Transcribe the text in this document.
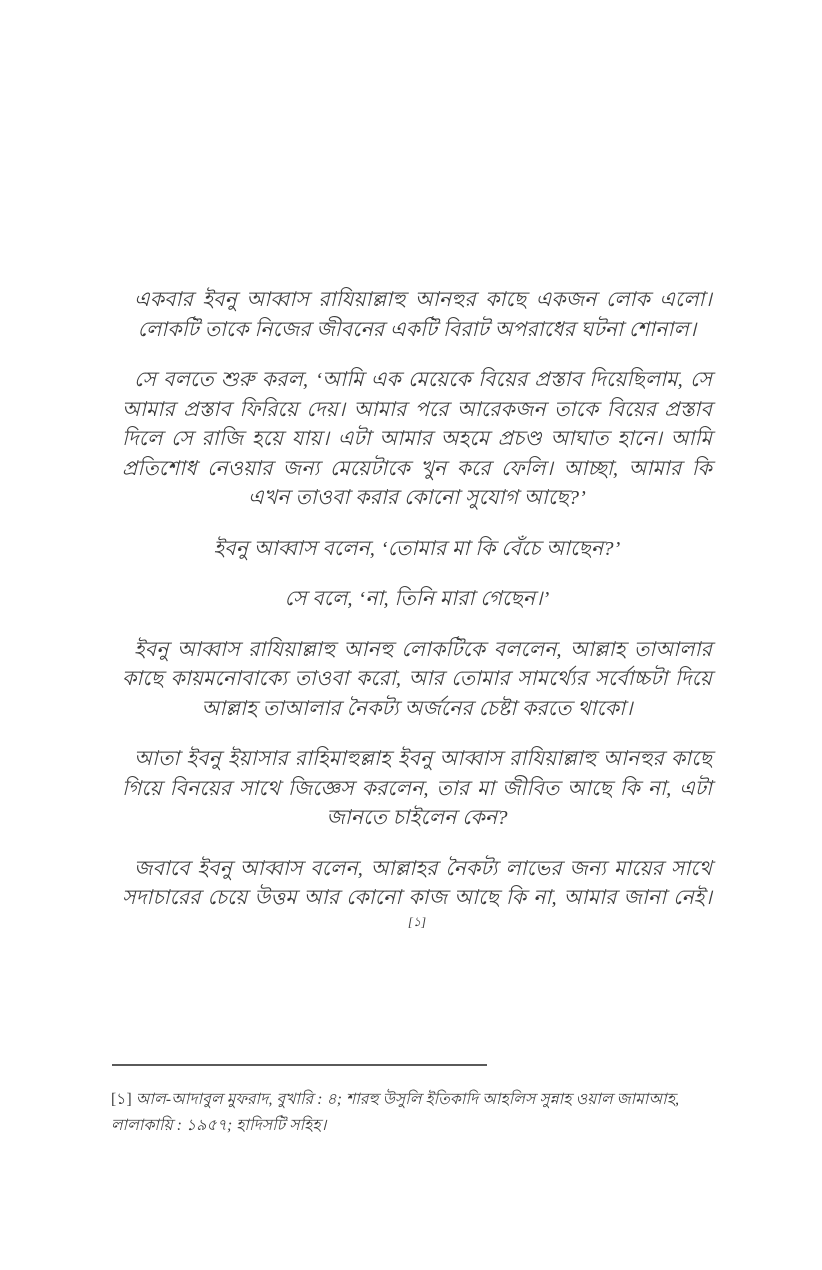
একবার ইবনু আব্বাস রাযিয়াল্লাহু আনহুর কাছে একজন লোক এলো। লোকটি তাকে নিজের জীবনের একটি বিরাট অপরাধের ঘটনা শোনাল।

সে বলতে শুরু করল, ‘আমি এক মেয়েকে বিয়ের প্রস্তাব দিয়েছিলাম, সে আমার প্রস্তাব ফিরিয়ে দেয়। আমার পরে আরেকজন তাকে বিয়ের প্রস্তাব দিলে সে রাজি হয়ে যায়। এটা আমার অহমে প্রচণ্ড আঘাত হানে। আমি প্রতিশোধ নেওয়ার জন্য মেয়েটাকে খুন করে ফেলি। আচ্ছা, আমার কি এখন তাওবা করার কোনো সুযোগ আছে?’

ইবনু আব্বাস বলেন, ‘তোমার মা কি বেঁচে আছেন?’

সে বলে, ‘না, তিনি মারা গেছেন।’

ইবনু আব্বাস রাযিয়াল্লাহু আনহু লোকটিকে বললেন, আল্লাহ তাআলার কাছে কায়মনোবাক্যে তাওবা করো, আর তোমার সামর্থ্যের সর্বোচ্চটা দিয়ে আল্লাহ তাআলার নৈকট্য অর্জনের চেষ্টা করতে থাকো।

আতা ইবনু ইয়াসার রাহিমাহুল্লাহ ইবনু আব্বাস রাযিয়াল্লাহু আনহুর কাছে গিয়ে বিনয়ের সাথে জিজ্ঞেস করলেন, তার মা জীবিত আছে কি না, এটা জানতে চাইলেন কেন?

জবাবে ইবনু আব্বাস বলেন, আল্লাহর নৈকট্য লাভের জন্য মায়ের সাথে সদাচারের চেয়ে উত্তম আর কোনো কাজ আছে কি না, আমার জানা নেই।[১]

[১] আল-আদাবুল মুফরাদ, বুখারি : ৪; শারহু উসুলি ইতিকাদি আহলিস সুন্নাহ ওয়াল জামাআহ, লালাকায়ি : ১৯৫৭; হাদিসটি সহিহ।
